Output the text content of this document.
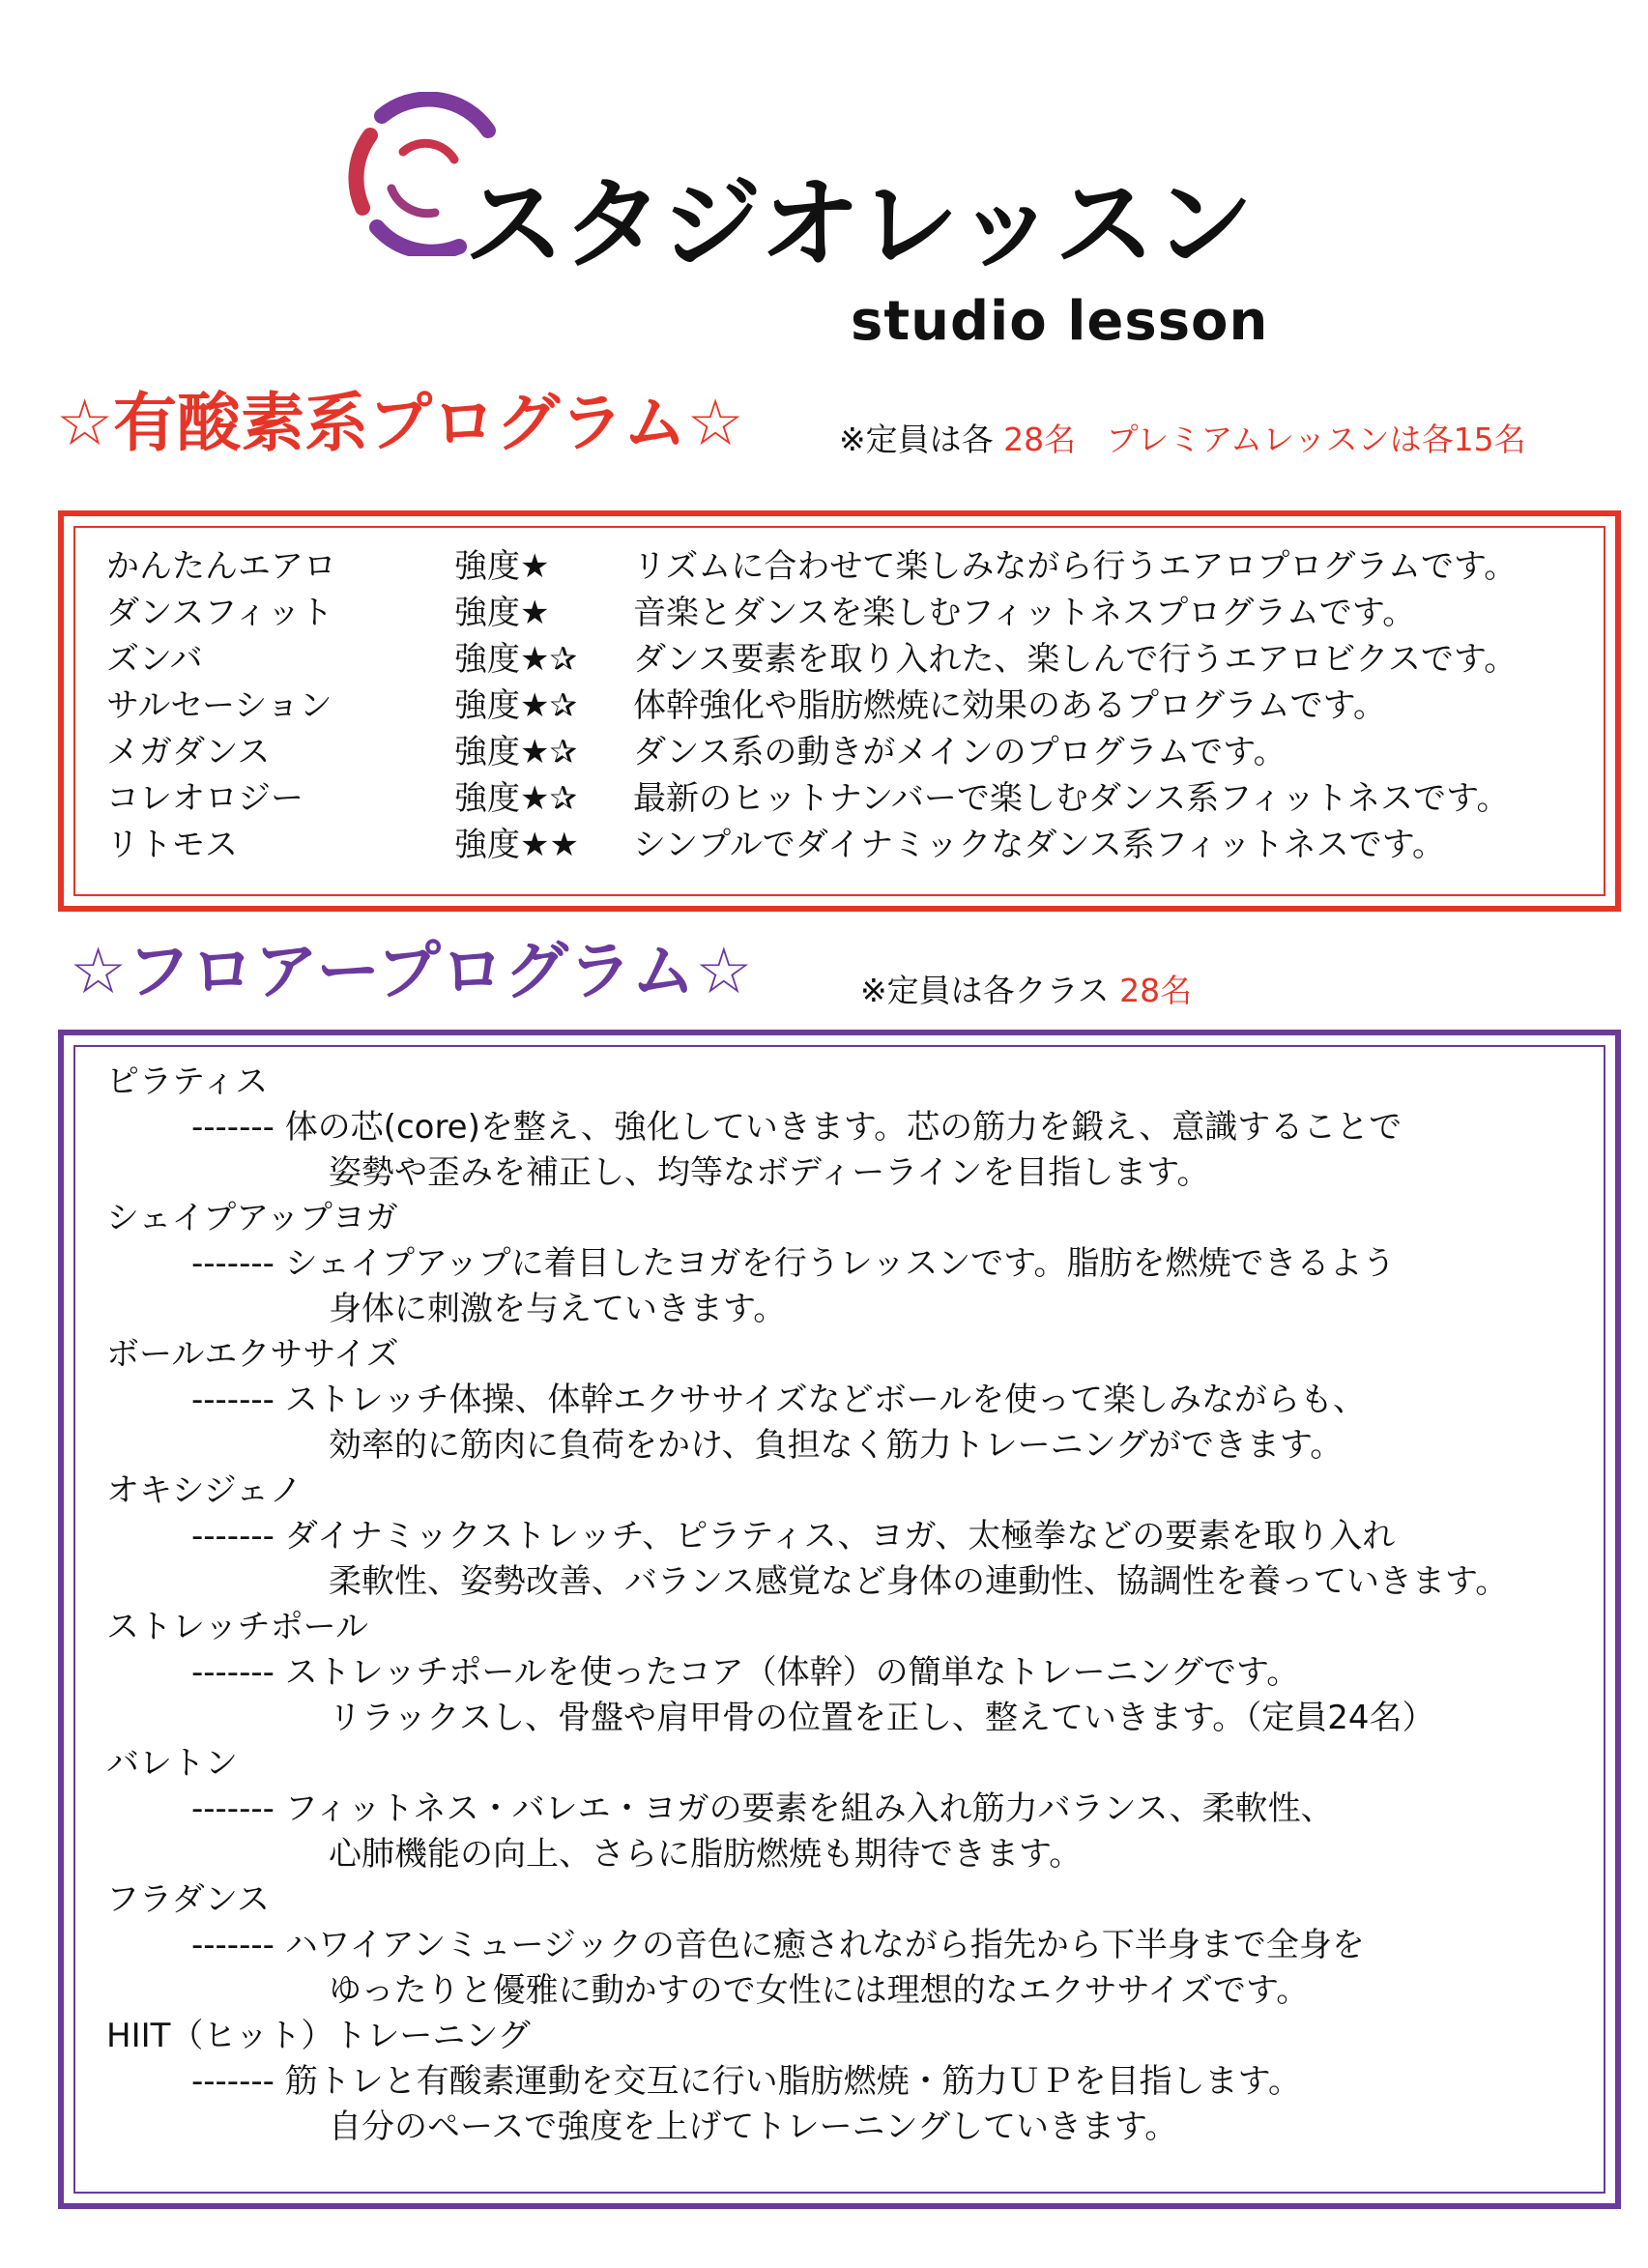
スタジオレッスン
studio lesson
☆有酸素系プログラム☆	※定員は各 28名 プレミアムレッスンは各15名
かんたんエアロ	強度★	リズムに合わせて楽しみながら行うエアロプログラムです。
ダンスフィット	強度★	音楽とダンスを楽しむフィットネスプログラムです。
ズンバ	強度★✰ ダンス要素を取り入れた、楽しんで行うエアロビクスです。
サルセーション	強度★✰ 体幹強化や脂肪燃焼に効果のあるプログラムです。
メガダンス	強度★✰ ダンス系の動きがメインのプログラムです。
コレオロジー	強度★✰ 最新のヒットナンバーで楽しむダンス系フィットネスです。
リトモス	強度★★ シンプルでダイナミックなダンス系フィットネスです。
☆フロアープログラム☆	※定員は各クラス 28名
ピラティス
------- 体の芯(core)を整え、強化していきます。芯の筋力を鍛え、意識することで
姿勢や歪みを補正し、均等なボディーラインを目指します。
シェイプアップヨガ
------- シェイプアップに着目したヨガを行うレッスンです。脂肪を燃焼できるよう
身体に刺激を与えていきます。
ボールエクササイズ
------- ストレッチ体操、体幹エクササイズなどボールを使って楽しみながらも、
効率的に筋肉に負荷をかけ、負担なく筋力トレーニングができます。
オキシジェノ
------- ダイナミックストレッチ、ピラティス、ヨガ、太極拳などの要素を取り入れ
柔軟性、姿勢改善、バランス感覚など身体の連動性、協調性を養っていきます。
ストレッチポール
------- ストレッチポールを使ったコア（体幹）の簡単なトレーニングです。
リラックスし、骨盤や肩甲骨の位置を正し、整えていきます。（定員24名）
バレトン
------- フィットネス・バレエ・ヨガの要素を組み入れ筋力バランス、柔軟性、
心肺機能の向上、さらに脂肪燃焼も期待できます。
フラダンス
------- ハワイアンミュージックの音色に癒されながら指先から下半身まで全身を
ゆったりと優雅に動かすので女性には理想的なエクササイズです。
HIIT（ヒット）トレーニング
------- 筋トレと有酸素運動を交互に行い脂肪燃焼・筋力ＵＰを目指します。
自分のペースで強度を上げてトレーニングしていきます。
